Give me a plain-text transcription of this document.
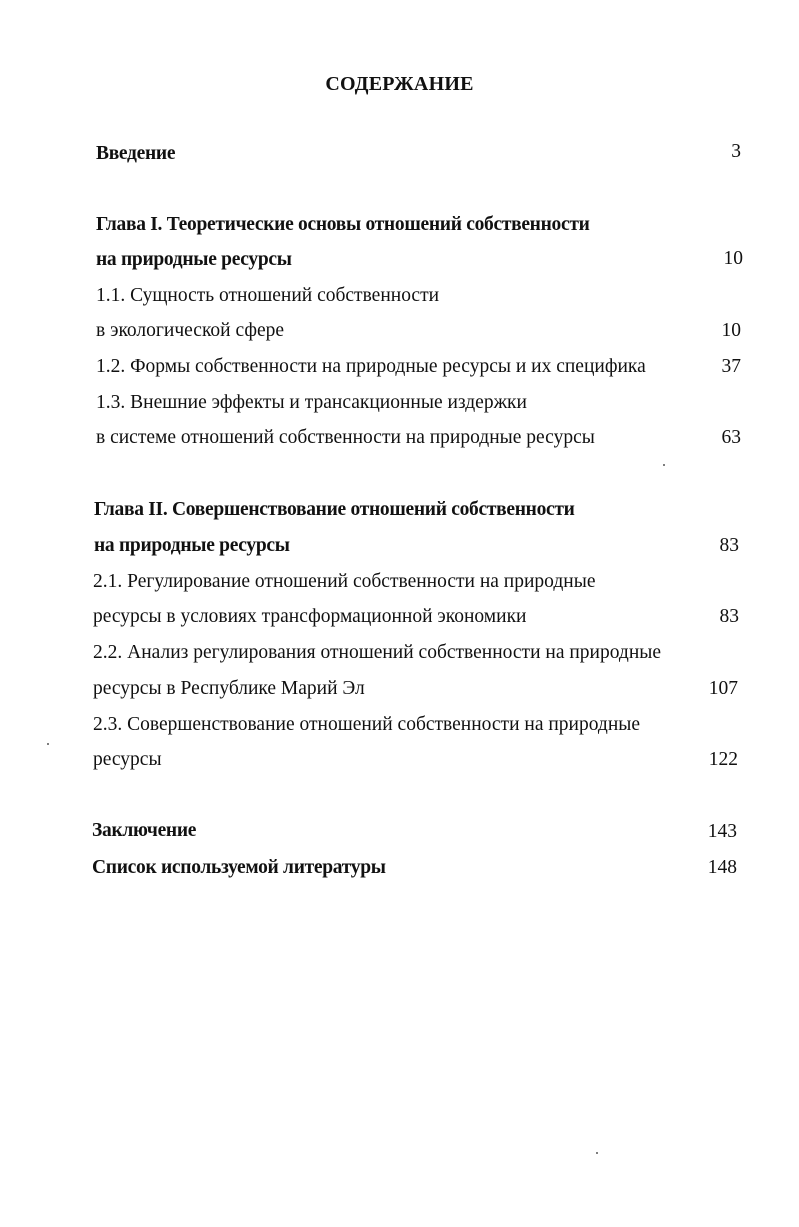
СОДЕРЖАНИЕ
Введение	3
Глава I. Теоретические основы отношений собственности
на природные ресурсы	10
1.1. Сущность отношений собственности
в экологической сфере	10
1.2. Формы собственности на природные ресурсы и их специфика	37
1.3. Внешние эффекты и трансакционные издержки
в системе отношений собственности на природные ресурсы	63
Глава II. Совершенствование отношений собственности
на природные ресурсы	83
2.1. Регулирование отношений собственности на природные
ресурсы в условиях трансформационной экономики	83
2.2. Анализ регулирования отношений собственности на природные
ресурсы в Республике Марий Эл	107
2.3. Совершенствование отношений собственности на природные
ресурсы	122
Заключение	143
Список используемой литературы	148
